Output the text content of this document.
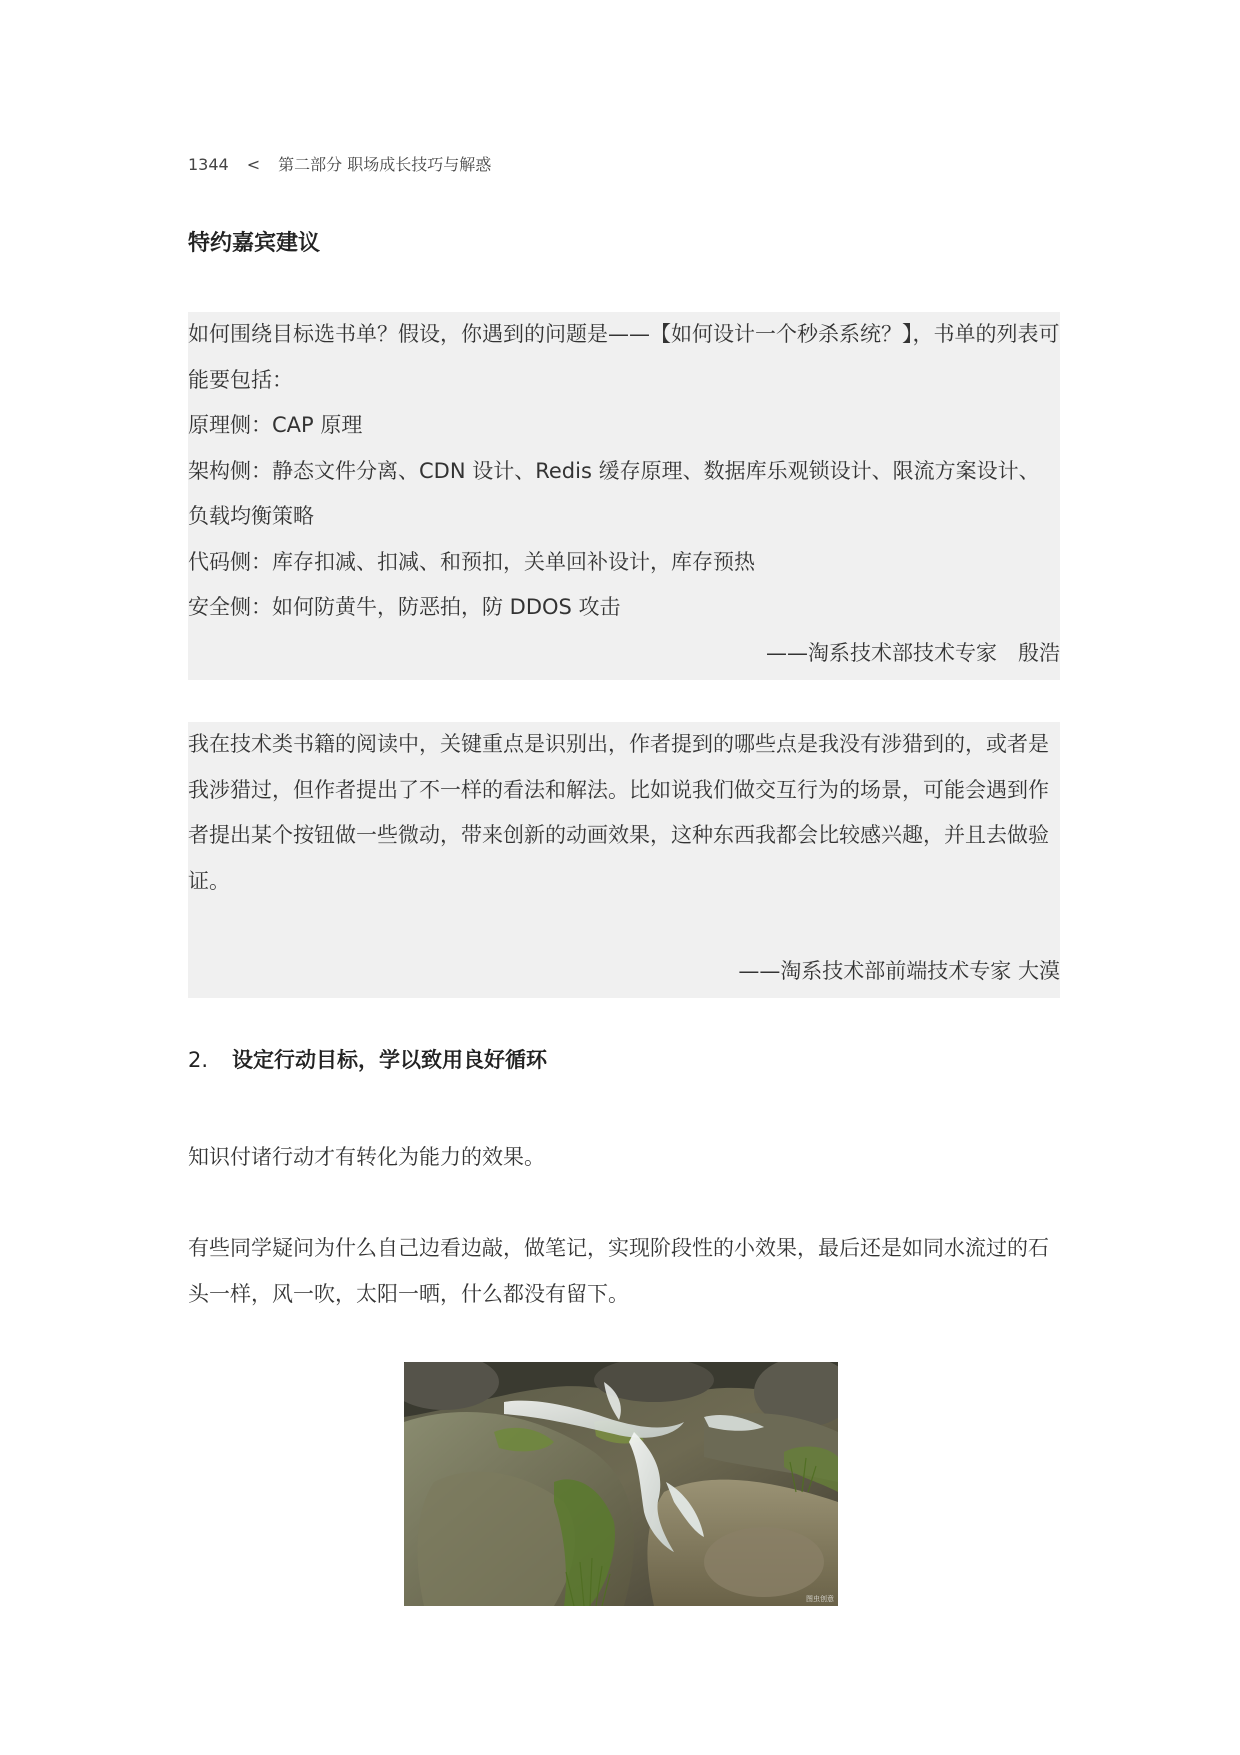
1344 < 第二部分 职场成长技巧与解惑
特约嘉宾建议

如何围绕目标选书单？假设，你遇到的问题是——【如何设计一个秒杀系统？】，书单的列表可能要包括：

原理侧：CAP 原理

架构侧：静态文件分离、CDN 设计、Redis 缓存原理、数据库乐观锁设计、限流方案设计、负载均衡策略

代码侧：库存扣减、扣减、和预扣，关单回补设计，库存预热

安全侧：如何防黄牛，防恶拍，防 DDOS 攻击

——淘系技术部技术专家　殷浩

我在技术类书籍的阅读中，关键重点是识别出，作者提到的哪些点是我没有涉猎到的，或者是我涉猎过，但作者提出了不一样的看法和解法。比如说我们做交互行为的场景，可能会遇到作者提出某个按钮做一些微动，带来创新的动画效果，这种东西我都会比较感兴趣，并且去做验证。

——淘系技术部前端技术专家 大漠

2. 设定行动目标，学以致用良好循环

知识付诸行动才有转化为能力的效果。

有些同学疑问为什么自己边看边敲，做笔记，实现阶段性的小效果，最后还是如同水流过的石头一样，风一吹，太阳一晒，什么都没有留下。

图虫创意
